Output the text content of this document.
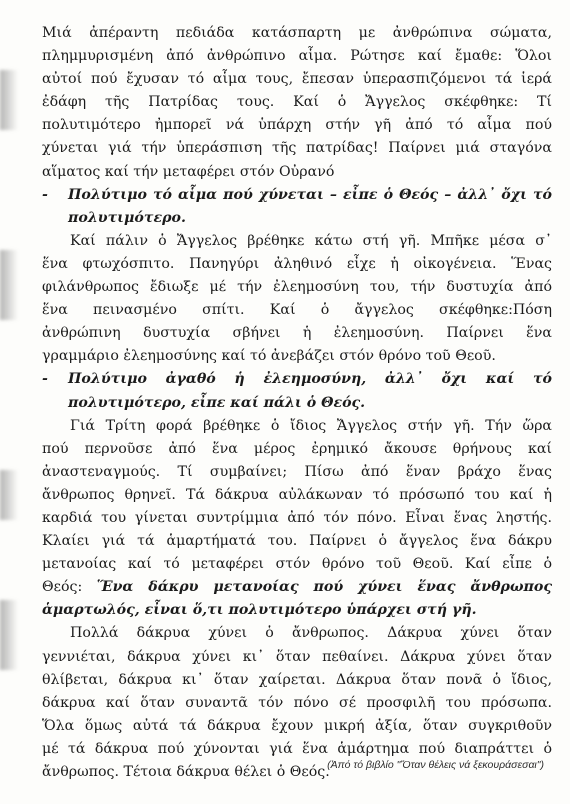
Μιά ἀπέραντη πεδιάδα κατάσπαρτη με ἀνθρώπινα σώματα,
πλημμυρισμένη ἀπό ἀνθρώπινο αἷμα. Ρώτησε καί ἔμαθε: Ὅλοι
αὐτοί πού ἔχυσαν τό αἷμα τους, ἔπεσαν ὑπερασπιζόμενοι τά ἱερά
ἐδάφη τῆς Πατρίδας τους. Καί ὁ Ἄγγελος σκέφθηκε: Τί
πολυτιμότερο ἠμπορεῖ νά ὑπάρχη στήν γῆ ἀπό τό αἷμα πού
χύνεται γιά τήν ὑπεράσπιση τῆς πατρίδας! Παίρνει μιά σταγόνα
αἵματος καί τήν μεταφέρει στόν Οὐρανό
- Πολύτιμο τό αἷμα πού χύνεται – εἶπε ὁ Θεός – ἀλλ᾽ ὄχι τό
πολυτιμότερο.
Καί πάλιν ὁ Ἄγγελος βρέθηκε κάτω στή γῆ. Μπῆκε μέσα σ᾽
ἕνα φτωχόσπιτο. Πανηγύρι ἀληθινό εἶχε ἡ οἰκογένεια. Ἕνας
φιλάνθρωπος ἔδιωξε μέ τήν ἐλεημοσύνη του, τήν δυστυχία ἀπό
ἕνα πεινασμένο σπίτι. Καί ὁ ἄγγελος σκέφθηκε:Πόση
ἀνθρώπινη δυστυχία σβήνει ἡ ἐλεημοσύνη. Παίρνει ἕνα
γραμμάριο ἐλεημοσύνης καί τό ἀνεβάζει στόν θρόνο τοῦ Θεοῦ.
- Πολύτιμο ἀγαθό ἡ ἐλεημοσύνη, ἀλλ᾽ ὄχι καί τό
πολυτιμότερο, εἶπε καί πάλι ὁ Θεός.
Γιά Τρίτη φορά βρέθηκε ὁ ἴδιος Ἄγγελος στήν γῆ. Τήν ὥρα
πού περνοῦσε ἀπό ἕνα μέρος ἐρημικό ἄκουσε θρήνους καί
ἀναστεναγμούς. Τί συμβαίνει; Πίσω ἀπό ἕναν βράχο ἕνας
ἄνθρωπος θρηνεῖ. Τά δάκρυα αὐλάκωναν τό πρόσωπό του καί ἡ
καρδιά του γίνεται συντρίμμια ἀπό τόν πόνο. Εἶναι ἕνας ληστής.
Κλαίει γιά τά ἁμαρτήματά του. Παίρνει ὁ ἄγγελος ἕνα δάκρυ
μετανοίας καί τό μεταφέρει στόν θρόνο τοῦ Θεοῦ. Καί εἶπε ὁ
Θεός: Ἕνα δάκρυ μετανοίας πού χύνει ἕνας ἄνθρωπος
ἁμαρτωλός, εἶναι ὅ,τι πολυτιμότερο ὑπάρχει στή γῆ.
Πολλά δάκρυα χύνει ὁ ἄνθρωπος. Δάκρυα χύνει ὅταν
γεννιέται, δάκρυα χύνει κι᾽ ὅταν πεθαίνει. Δάκρυα χύνει ὅταν
θλίβεται, δάκρυα κι᾽ ὅταν χαίρεται. Δάκρυα ὅταν πονᾶ ὁ ἴδιος,
δάκρυα καί ὅταν συναντᾶ τόν πόνο σέ προσφιλῆ του πρόσωπα.
Ὅλα ὅμως αὐτά τά δάκρυα ἔχουν μικρή ἀξία, ὅταν συγκριθοῦν
μέ τά δάκρυα πού χύνονται γιά ἕνα ἁμάρτημα πού διαπράττει ὁ
ἄνθρωπος. Τέτοια δάκρυα θέλει ὁ Θεός.
(Ἀπό τό βιβλίο "Ὅταν θέλεις νά ξεκουράσεσαι")
